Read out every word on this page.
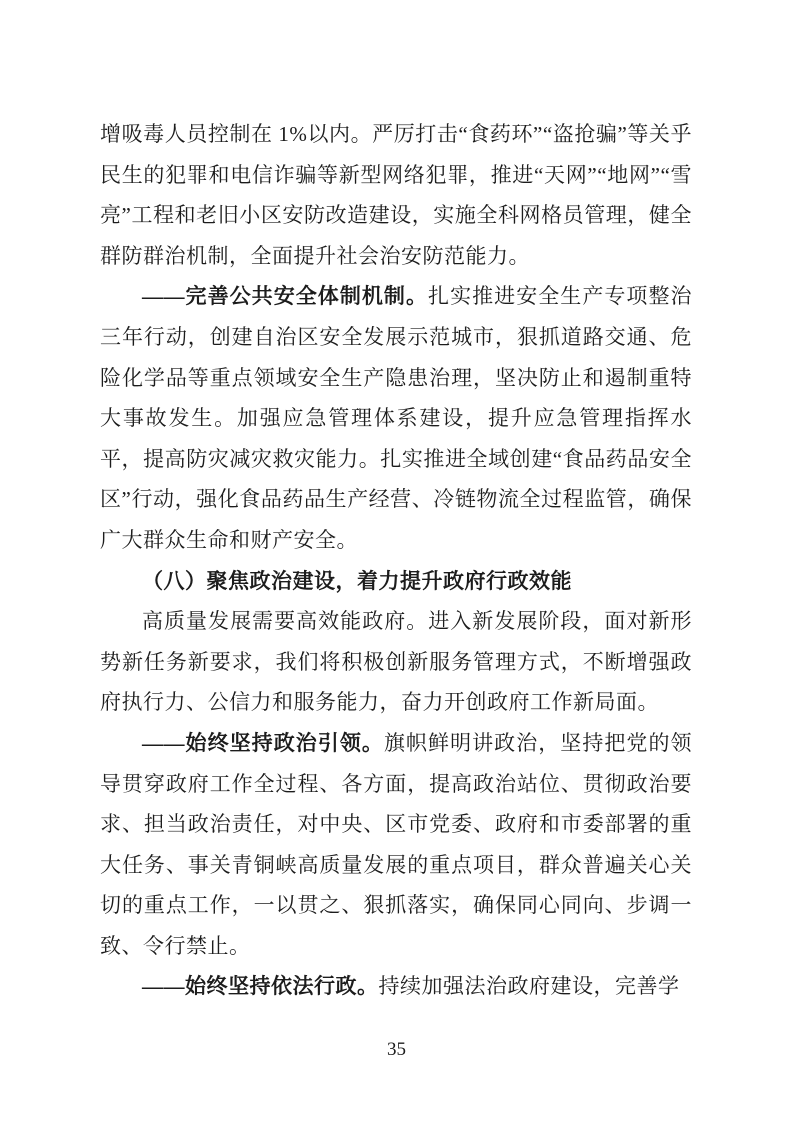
增吸毒人员控制在 1%以内。严厉打击“食药环”“盗抢骗”等关乎民生的犯罪和电信诈骗等新型网络犯罪，推进“天网”“地网”“雪亮”工程和老旧小区安防改造建设，实施全科网格员管理，健全群防群治机制，全面提升社会治安防范能力。

——完善公共安全体制机制。扎实推进安全生产专项整治三年行动，创建自治区安全发展示范城市，狠抓道路交通、危险化学品等重点领域安全生产隐患治理，坚决防止和遏制重特大事故发生。加强应急管理体系建设，提升应急管理指挥水平，提高防灾减灾救灾能力。扎实推进全域创建“食品药品安全区”行动，强化食品药品生产经营、冷链物流全过程监管，确保广大群众生命和财产安全。

（八）聚焦政治建设，着力提升政府行政效能

高质量发展需要高效能政府。进入新发展阶段，面对新形势新任务新要求，我们将积极创新服务管理方式，不断增强政府执行力、公信力和服务能力，奋力开创政府工作新局面。

——始终坚持政治引领。旗帜鲜明讲政治，坚持把党的领导贯穿政府工作全过程、各方面，提高政治站位、贯彻政治要求、担当政治责任，对中央、区市党委、政府和市委部署的重大任务、事关青铜峡高质量发展的重点项目，群众普遍关心关切的重点工作，一以贯之、狠抓落实，确保同心同向、步调一致、令行禁止。

——始终坚持依法行政。持续加强法治政府建设，完善学

35
